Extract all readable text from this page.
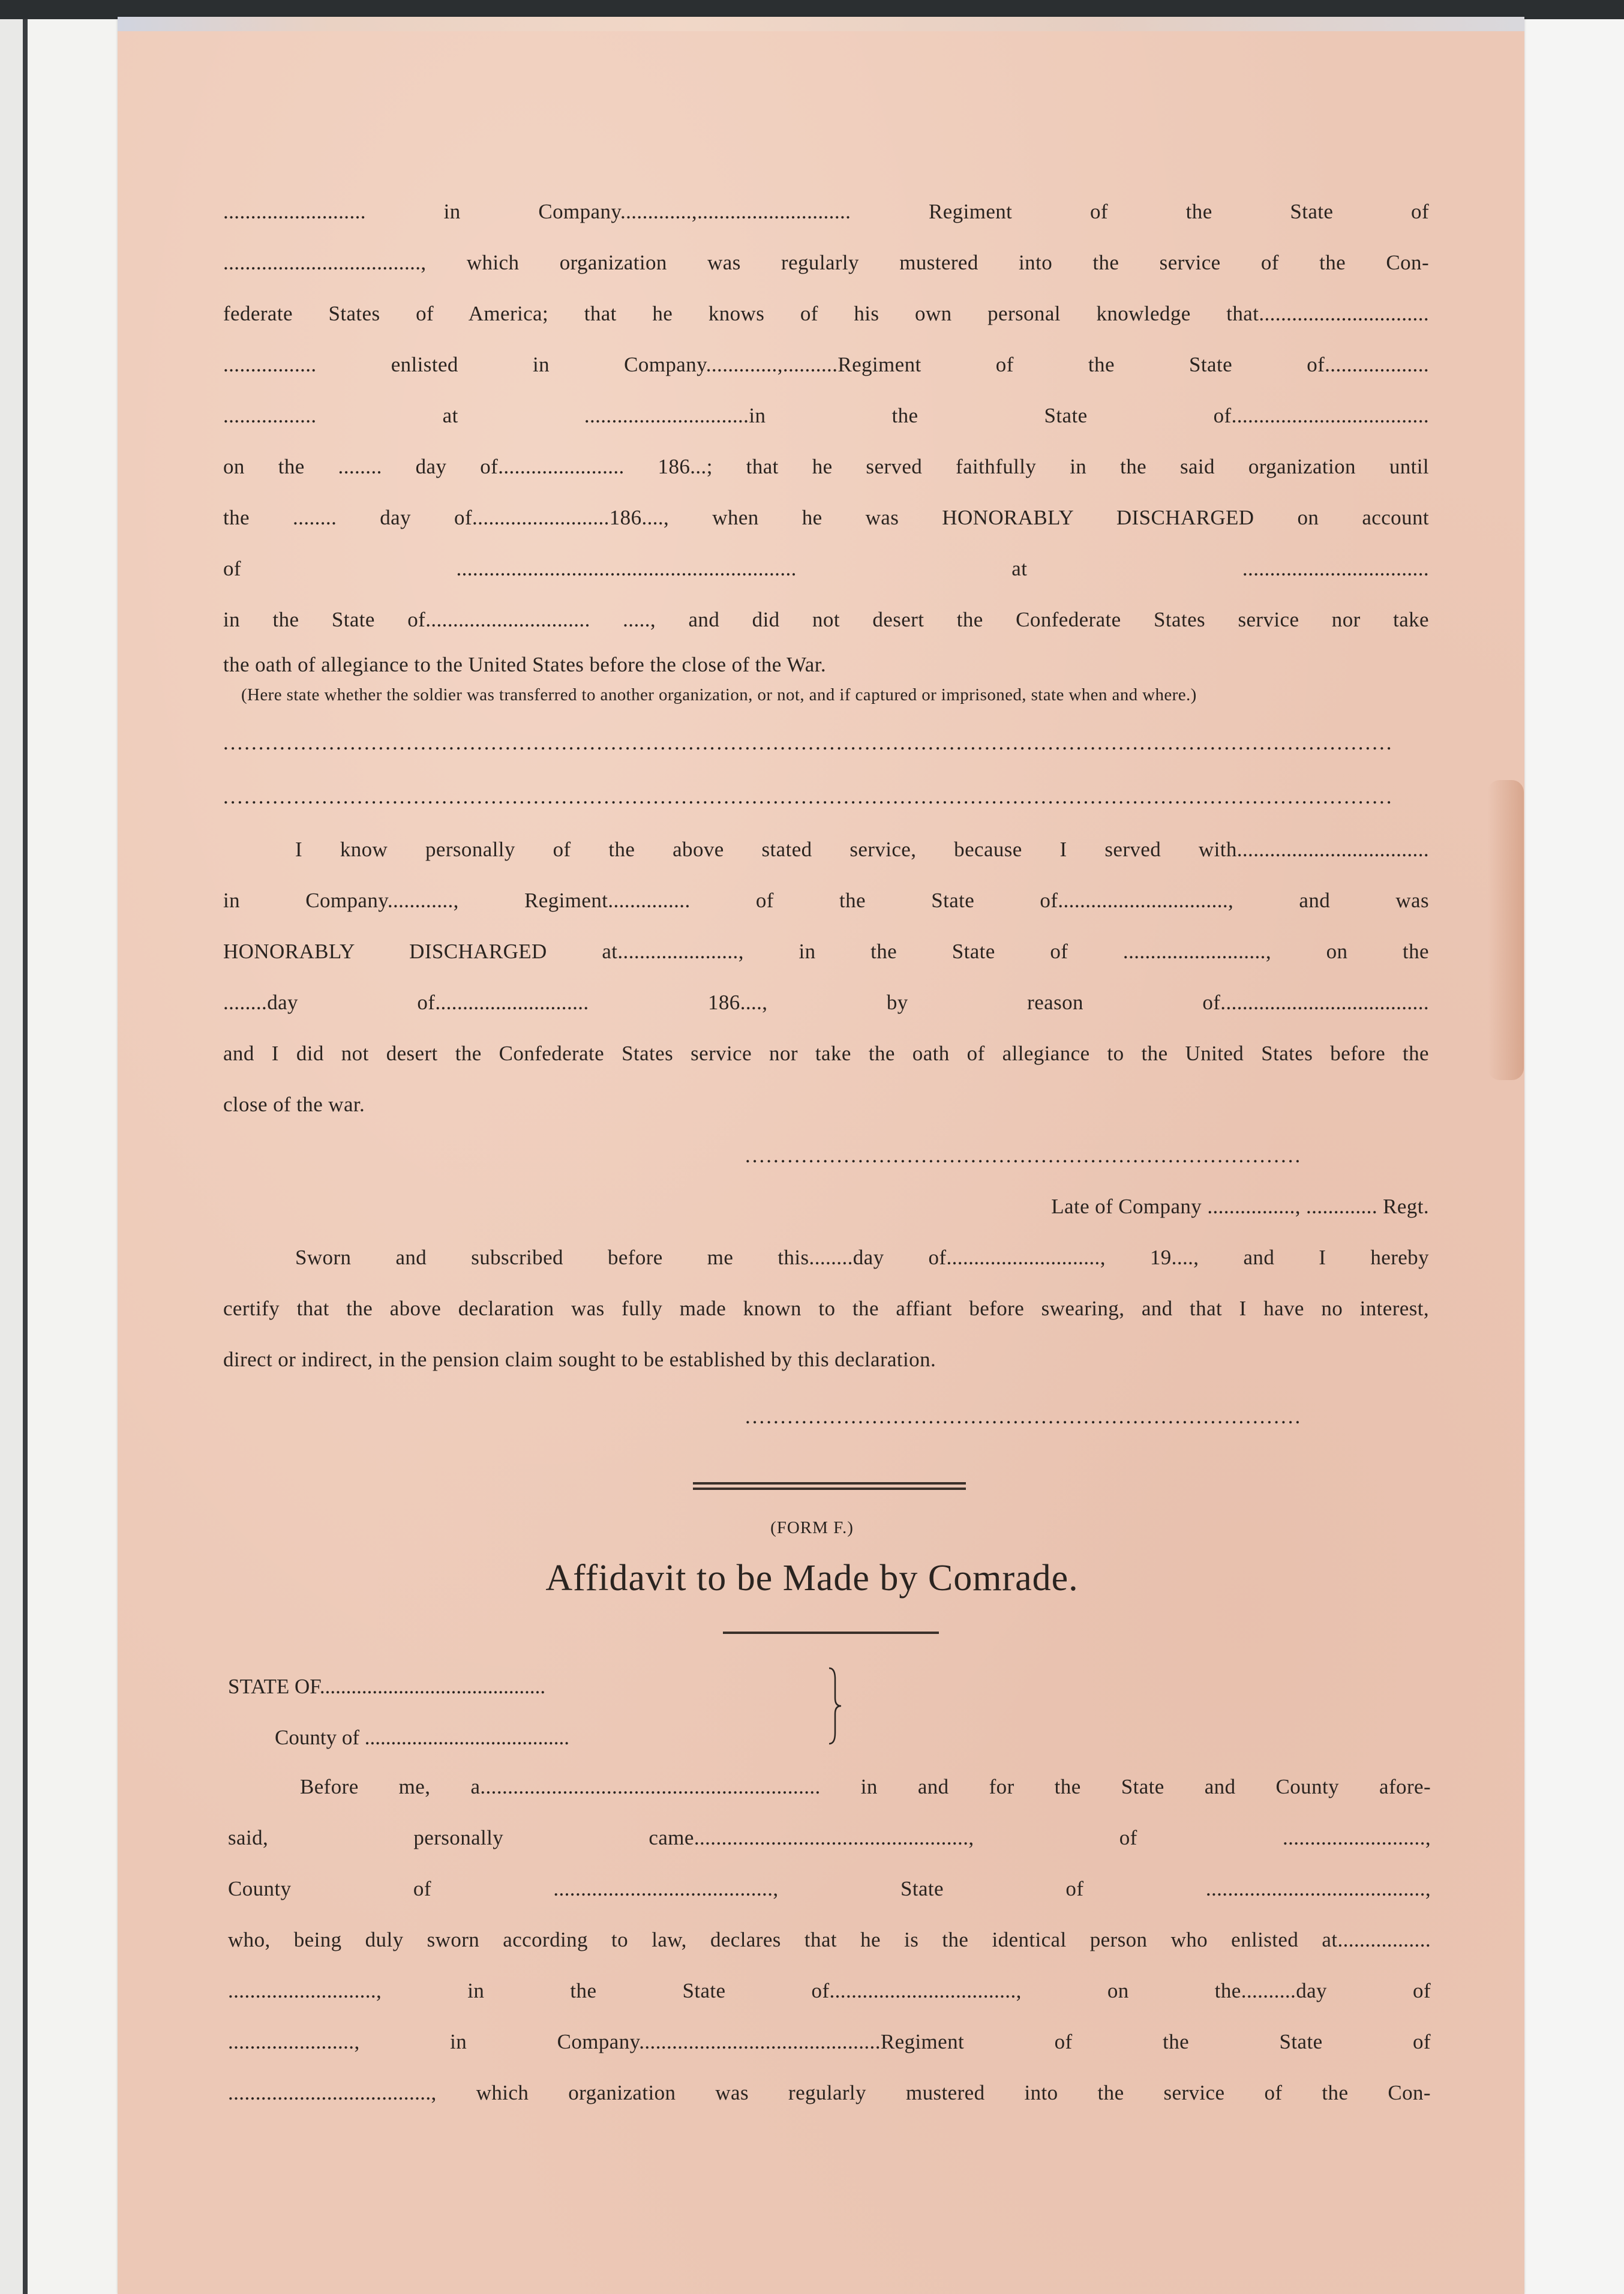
.......................... in Company.............,............................ Regiment of the State of
...................................., which organization was regularly mustered into the service of the Con-
federate States of America; that he knows of his own personal knowledge that...............................
................. enlisted in Company.............,..........Regiment of the State of...................
................. at ..............................in the State of....................................
on the ........ day of....................... 186...; that he served faithfully in the said organization until
the ........ day of.........................186...., when he was HONORABLY DISCHARGED on account
of .............................................................. at ..................................
in the State of.............................. ....., and did not desert the Confederate States service nor take
the oath of allegiance to the United States before the close of the War.
(Here state whether the soldier was transferred to another organization, or not, and if captured or imprisoned, state when and where.)
......................................................................................................................................................................
......................................................................................................................................................................
I know personally of the above stated service, because I served with...................................
in Company............, Regiment............... of the State of..............................., and was
HONORABLY DISCHARGED at......................, in the State of .........................., on the
........day of............................ 186...., by reason of......................................
and I did not desert the Confederate States service nor take the oath of allegiance to the United States before the
close of the war.
...............................................................................
Late of Company ................, ............. Regt.
Sworn and subscribed before me this........day of............................, 19...., and I hereby
certify that the above declaration was fully made known to the affiant before swearing, and that I have no interest,
direct or indirect, in the pension claim sought to be established by this declaration.
...............................................................................
(FORM F.)
Affidavit to be Made by Comrade.
STATE OF...........................................
County of .......................................
Before me, a.............................................................. in and for the State and County afore-
said, personally came.................................................., of ..........................,
County of ........................................, State of ........................................,
who, being duly sworn according to law, declares that he is the identical person who enlisted at.................
..........................., in the State of.................................., on the..........day of
......................., in Company............................................Regiment of the State of
....................................., which organization was regularly mustered into the service of the Con-
